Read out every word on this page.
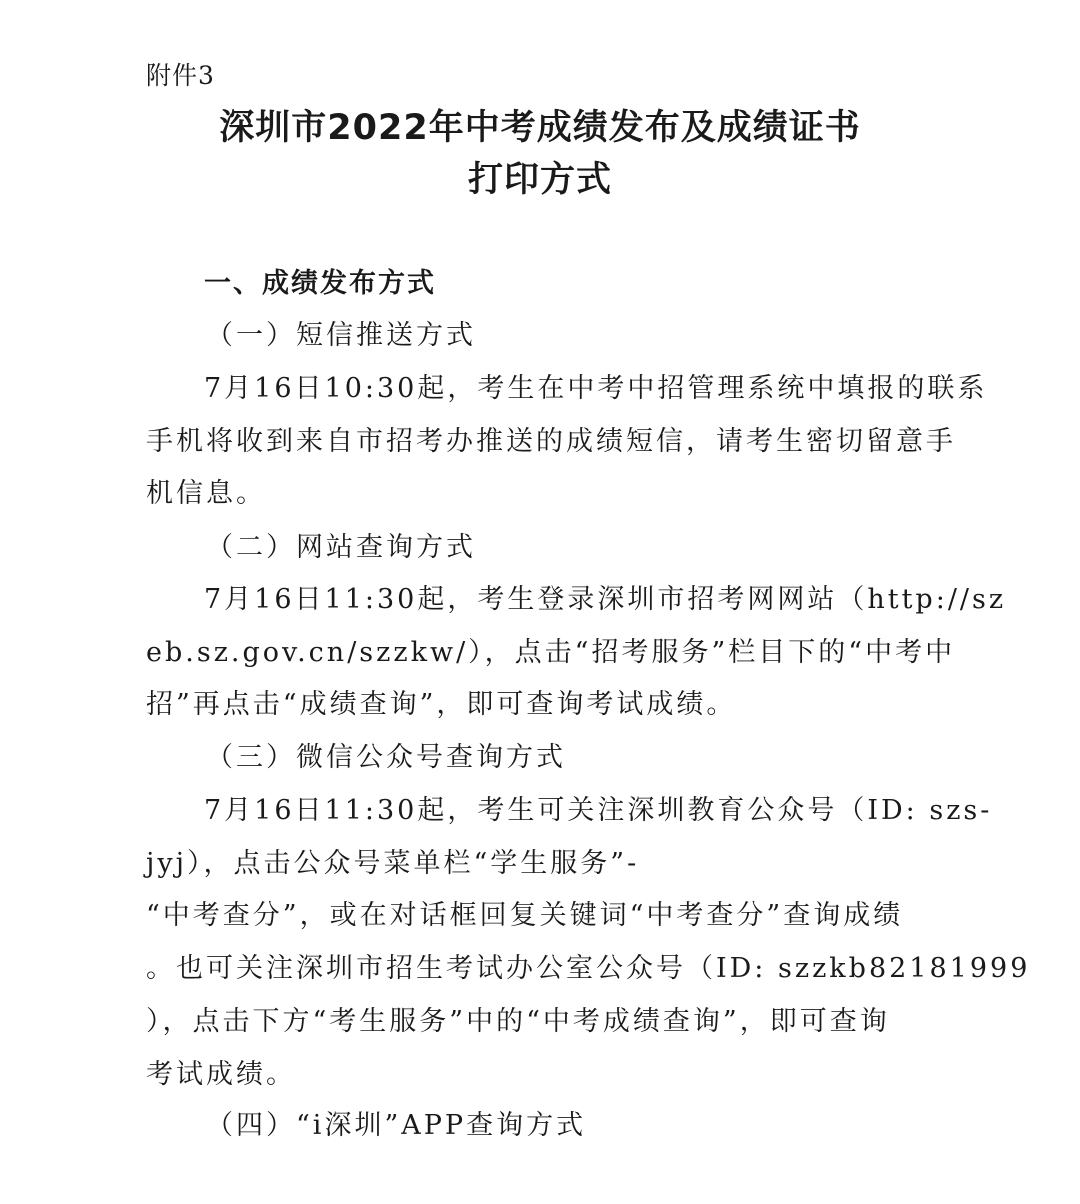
附件3
深圳市2022年中考成绩发布及成绩证书
打印方式
一、成绩发布方式
（一）短信推送方式
7月16日10:30起，考生在中考中招管理系统中填报的联系
手机将收到来自市招考办推送的成绩短信，请考生密切留意手
机信息。
（二）网站查询方式
7月16日11:30起，考生登录深圳市招考网网站（http://sz
eb.sz.gov.cn/szzkw/），点击“招考服务”栏目下的“中考中
招”再点击“成绩查询”，即可查询考试成绩。
（三）微信公众号查询方式
7月16日11:30起，考生可关注深圳教育公众号（ID: szs-
jyj），点击公众号菜单栏“学生服务”-
“中考查分”，或在对话框回复关键词“中考查分”查询成绩
。也可关注深圳市招生考试办公室公众号（ID: szzkb82181999
），点击下方“考生服务”中的“中考成绩查询”，即可查询
考试成绩。
（四）“i深圳”APP查询方式
